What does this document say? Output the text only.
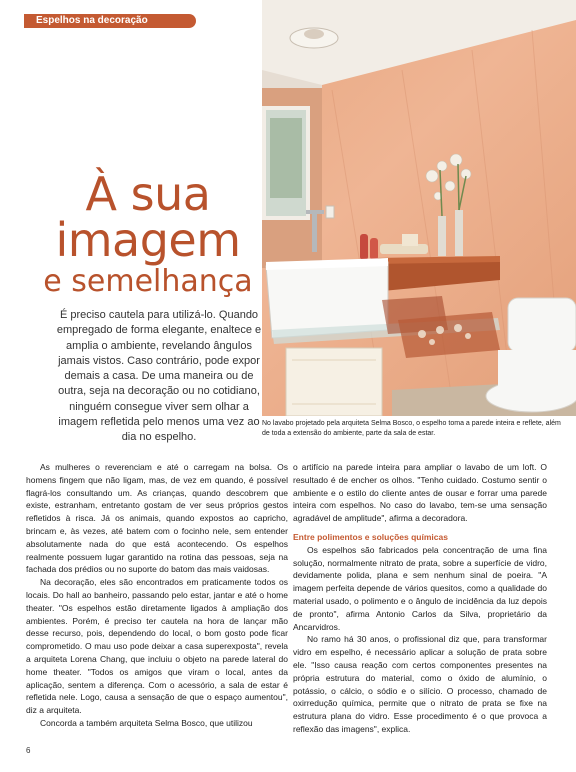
Espelhos na decoração
No lavabo projetado pela arquiteta Selma Bosco, o espelho toma a parede inteira e reflete, além de toda a extensão do ambiente, parte da sala de estar.
À sua
imagem
e semelhança
É preciso cautela para utilizá-lo. Quando empregado de forma elegante, enaltece e amplia o ambiente, revelando ângulos jamais vistos. Caso contrário, pode expor demais a casa. De uma maneira ou de outra, seja na decoração ou no cotidiano, ninguém consegue viver sem olhar a imagem refletida pelo menos uma vez ao dia no espelho.

As mulheres o reverenciam e até o carregam na bolsa. Os homens fingem que não ligam, mas, de vez em quando, é possível flagrá-los consultando um. As crianças, quando descobrem que existe, estranham, entretanto gostam de ver seus próprios gestos refletidos à risca. Já os animais, quando expostos ao capricho, brincam e, às vezes, até batem com o focinho nele, sem entender absolutamente nada do que está acontecendo. Os espelhos realmente possuem lugar garantido na rotina das pessoas, seja na fachada dos prédios ou no suporte do batom das mais vaidosas.

Na decoração, eles são encontrados em praticamente todos os locais. Do hall ao banheiro, passando pelo estar, jantar e até o home theater. "Os espelhos estão diretamente ligados à ampliação dos ambientes. Porém, é preciso ter cautela na hora de lançar mão desse recurso, pois, dependendo do local, o bom gosto pode ficar comprometido. O mau uso pode deixar a casa superexposta", revela a arquiteta Lorena Chang, que incluiu o objeto na parede lateral do home theater. "Todos os amigos que viram o local, antes da aplicação, sentem a diferença. Com o acessório, a sala de estar é refletida nele. Logo, causa a sensação de que o espaço aumentou", diz a arquiteta.

Concorda a também arquiteta Selma Bosco, que utilizou

o artifício na parede inteira para ampliar o lavabo de um loft. O resultado é de encher os olhos. "Tenho cuidado. Costumo sentir o ambiente e o estilo do cliente antes de ousar e forrar uma parede inteira com espelhos. No caso do lavabo, tem-se uma sensação agradável de amplitude", afirma a decoradora.

Entre polimentos e soluções químicas

Os espelhos são fabricados pela concentração de uma fina solução, normalmente nitrato de prata, sobre a superfície de vidro, devidamente polida, plana e sem nenhum sinal de poeira. "A imagem perfeita depende de vários quesitos, como a qualidade do material usado, o polimento e o ângulo de incidência da luz depois de pronto", afirma Antonio Carlos da Silva, proprietário da Ancarvidros.

No ramo há 30 anos, o profissional diz que, para transformar vidro em espelho, é necessário aplicar a solução de prata sobre ele. "Isso causa reação com certos componentes presentes na própria estrutura do material, como o óxido de alumínio, o potássio, o cálcio, o sódio e o silício. O processo, chamado de oxirredução química, permite que o nitrato de prata se fixe na estrutura plana do vidro. Esse procedimento é o que provoca a reflexão das imagens", explica.

6
